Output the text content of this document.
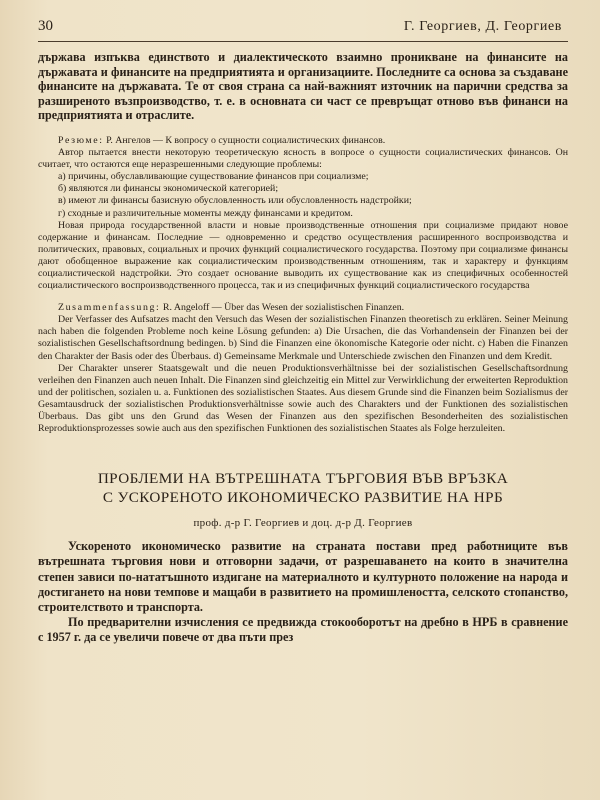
30	Г. Георгиев, Д. Георгиев

държава изпъква единството и диалектическото взаимно проникване на финансите на държавата и финансите на предприятията и организациите. Последните са основа за създаване финансите на държавата. Те от своя страна са най-важният източник на парични средства за разширеното възпроизводство, т. е. в основната си част се превръщат отново във финанси на предприятията и отраслите.

Резюме: Р. Ангелов — К вопросу о сущности социалистических финансов.

Автор пытается внести некоторую теоретическую ясность в вопросе о сущности социалистических финансов. Он считает, что остаются еще неразрешенными следующие проблемы:

а) причины, обуславливающие существование финансов при социализме;
б) являются ли финансы экономической категорией;
в) имеют ли финансы базисную обусловленность или обусловленность надстройки;
г) сходные и различительные моменты между финансами и кредитом.

Новая природа государственной власти и новые производственные отношения при социализме придают новое содержание и финансам. Последние — одновременно и средство осуществления расширенного воспроизводства и политических, правовых, социальных и прочих функций социалистического государства. Поэтому при социализме финансы дают обобщенное выражение как социалистическим производственным отношениям, так и характеру и функциям социалистической надстройки. Это создает основание выводить их существование как из специфичных особенностей социалистического воспроизводственного процесса, так и из специфичных функций социалистического государства

Zusammenfassung: R. Angeloff — Über das Wesen der sozialistischen Finanzen.

Der Verfasser des Aufsatzes macht den Versuch das Wesen der sozialistischen Finanzen theoretisch zu erklären. Seiner Meinung nach haben die folgenden Probleme noch keine Lösung gefunden: a) Die Ursachen, die das Vorhandensein der Finanzen bei der sozialistischen Gesellschaftsordnung bedingen. b) Sind die Finanzen eine ökonomische Kategorie oder nicht. c) Haben die Finanzen den Charakter der Basis oder des Überbaus. d) Gemeinsame Merkmale und Unterschiede zwischen den Finanzen und dem Kredit.

Der Charakter unserer Staatsgewalt und die neuen Produktionsverhältnisse bei der sozialistischen Gesellschaftsordnung verleihen den Finanzen auch neuen Inhalt. Die Finanzen sind gleichzeitig ein Mittel zur Verwirklichung der erweiterten Reproduktion und der politischen, sozialen u. a. Funktionen des sozialistischen Staates. Aus diesem Grunde sind die Finanzen beim Sozialismus der Gesamtausdruck der sozialistischen Produktionsverhältnisse sowie auch des Charakters und der Funktionen des sozialistischen Überbaus. Das gibt uns den Grund das Wesen der Finanzen aus den spezifischen Besonderheiten des sozialistischen Reproduktionsprozesses sowie auch aus den spezifischen Funktionen des sozialistischen Staates als Folge herzuleiten.

ПРОБЛЕМИ НА ВЪТРЕШНАТА ТЪРГОВИЯ ВЪВ ВРЪЗКА
С УСКОРЕНОТО ИКОНОМИЧЕСКО РАЗВИТИЕ НА НРБ
проф. д-р Г. Георгиев и доц. д-р Д. Георгиев

Ускореното икономическо развитие на страната постави пред работниците във вътрешната търговия нови и отговорни задачи, от разрешаването на които в значителна степен зависи по-нататъшното издигане на материалното и културното положение на народа и достигането на нови темпове и мащаби в развитието на промишлеността, селското стопанство, строителството и транспорта.

По предварителни изчисления се предвижда стокооборотът на дребно в НРБ в сравнение с 1957 г. да се увеличи повече от два пъти през
